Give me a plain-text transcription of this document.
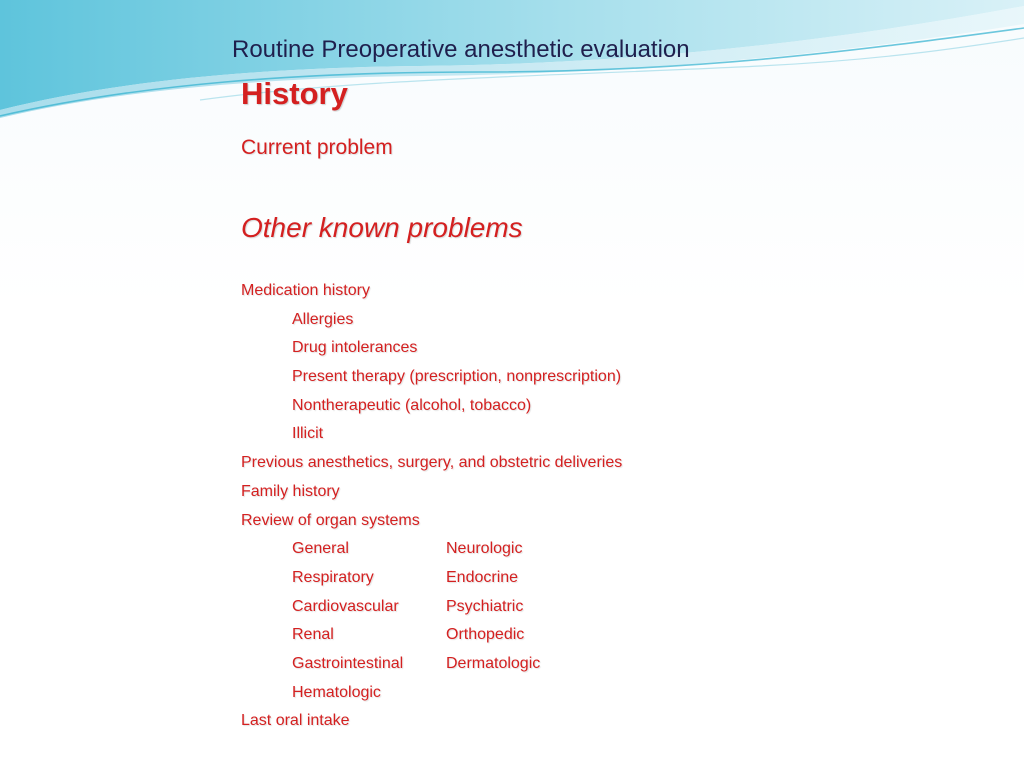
Routine Preoperative anesthetic evaluation
History
Current problem
Other known problems
Medication history
Allergies
Drug intolerances
Present therapy (prescription, nonprescription)
Nontherapeutic (alcohol, tobacco)
Illicit
Previous anesthetics, surgery, and obstetric deliveries
Family history
Review of organ systems
General	Neurologic
Respiratory	Endocrine
Cardiovascular	Psychiatric
Renal	Orthopedic
Gastrointestinal	Dermatologic
Hematologic
Last oral intake
